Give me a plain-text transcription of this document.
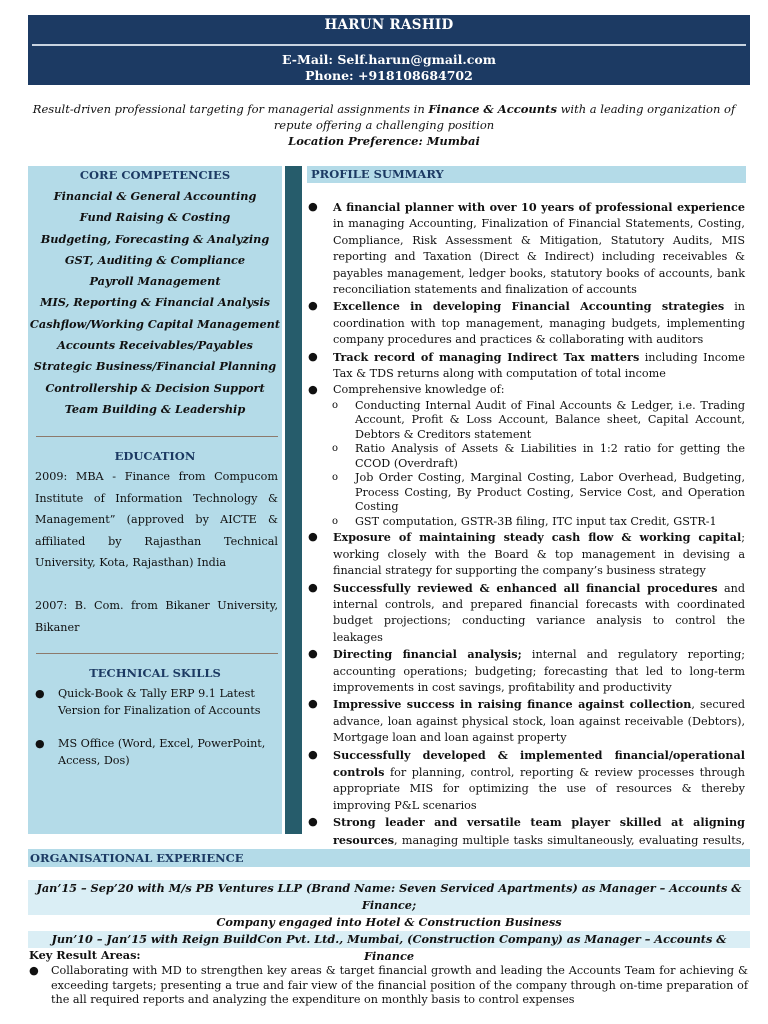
HARUN RASHID
E-Mail: Self.harun@gmail.com
Phone: +918108684702
Result-driven professional targeting for managerial assignments in Finance & Accounts with a leading organization of repute offering a challenging position
Location Preference: Mumbai
CORE COMPETENCIES
Financial & General Accounting
Fund Raising & Costing
Budgeting, Forecasting & Analyzing
GST, Auditing & Compliance
Payroll Management
MIS, Reporting & Financial Analysis
Cashflow/Working Capital Management
Accounts Receivables/Payables
Strategic Business/Financial Planning
Controllership & Decision Support
Team Building & Leadership
EDUCATION
2009: MBA - Finance from Compucom Institute of Information Technology & Management” (approved by AICTE & affiliated by Rajasthan Technical University, Kota, Rajasthan) India
2007: B. Com. from Bikaner University, Bikaner
TECHNICAL SKILLS
● Quick-Book & Tally ERP 9.1 Latest Version for Finalization of Accounts
● MS Office (Word, Excel, PowerPoint, Access, Dos)
PROFILE SUMMARY
● A financial planner with over 10 years of professional experience in managing Accounting, Finalization of Financial Statements, Costing, Compliance, Risk Assessment & Mitigation, Statutory Audits, MIS reporting and Taxation (Direct & Indirect) including receivables & payables management, ledger books, statutory books of accounts, bank reconciliation statements and finalization of accounts
● Excellence in developing Financial Accounting strategies in coordination with top management, managing budgets, implementing company procedures and practices & collaborating with auditors
● Track record of managing Indirect Tax matters including Income Tax & TDS returns along with computation of total income
● Comprehensive knowledge of:
o Conducting Internal Audit of Final Accounts & Ledger, i.e. Trading Account, Profit & Loss Account, Balance sheet, Capital Account, Debtors & Creditors statement
o Ratio Analysis of Assets & Liabilities in 1:2 ratio for getting the CCOD (Overdraft)
o Job Order Costing, Marginal Costing, Labor Overhead, Budgeting, Process Costing, By Product Costing, Service Cost, and Operation Costing
o GST computation, GSTR-3B filing, ITC input tax Credit, GSTR-1
● Exposure of maintaining steady cash flow & working capital; working closely with the Board & top management in devising a financial strategy for supporting the company’s business strategy
● Successfully reviewed & enhanced all financial procedures and internal controls, and prepared financial forecasts with coordinated budget projections; conducting variance analysis to control the leakages
● Directing financial analysis; internal and regulatory reporting; accounting operations; budgeting; forecasting that led to long-term improvements in cost savings, profitability and productivity
● Impressive success in raising finance against collection, secured advance, loan against physical stock, loan against receivable (Debtors), Mortgage loan and loan against property
● Successfully developed & implemented financial/operational controls for planning, control, reporting & review processes through appropriate MIS for optimizing the use of resources & thereby improving P&L scenarios
● Strong leader and versatile team player skilled at aligning resources, managing multiple tasks simultaneously, evaluating results,
ORGANISATIONAL EXPERIENCE
Jan’15 – Sep’20 with M/s PB Ventures LLP (Brand Name: Seven Serviced Apartments) as Manager – Accounts & Finance;
Company engaged into Hotel & Construction Business
Jun’10 – Jan’15 with Reign BuildCon Pvt. Ltd., Mumbai, (Construction Company) as Manager – Accounts & Finance
Key Result Areas:
●	Collaborating with MD to strengthen key areas & target financial growth and leading the Accounts Team for achieving & exceeding targets; presenting a true and fair view of the financial position of the company through on-time preparation of the all required reports and analyzing the expenditure on monthly basis to control expenses
